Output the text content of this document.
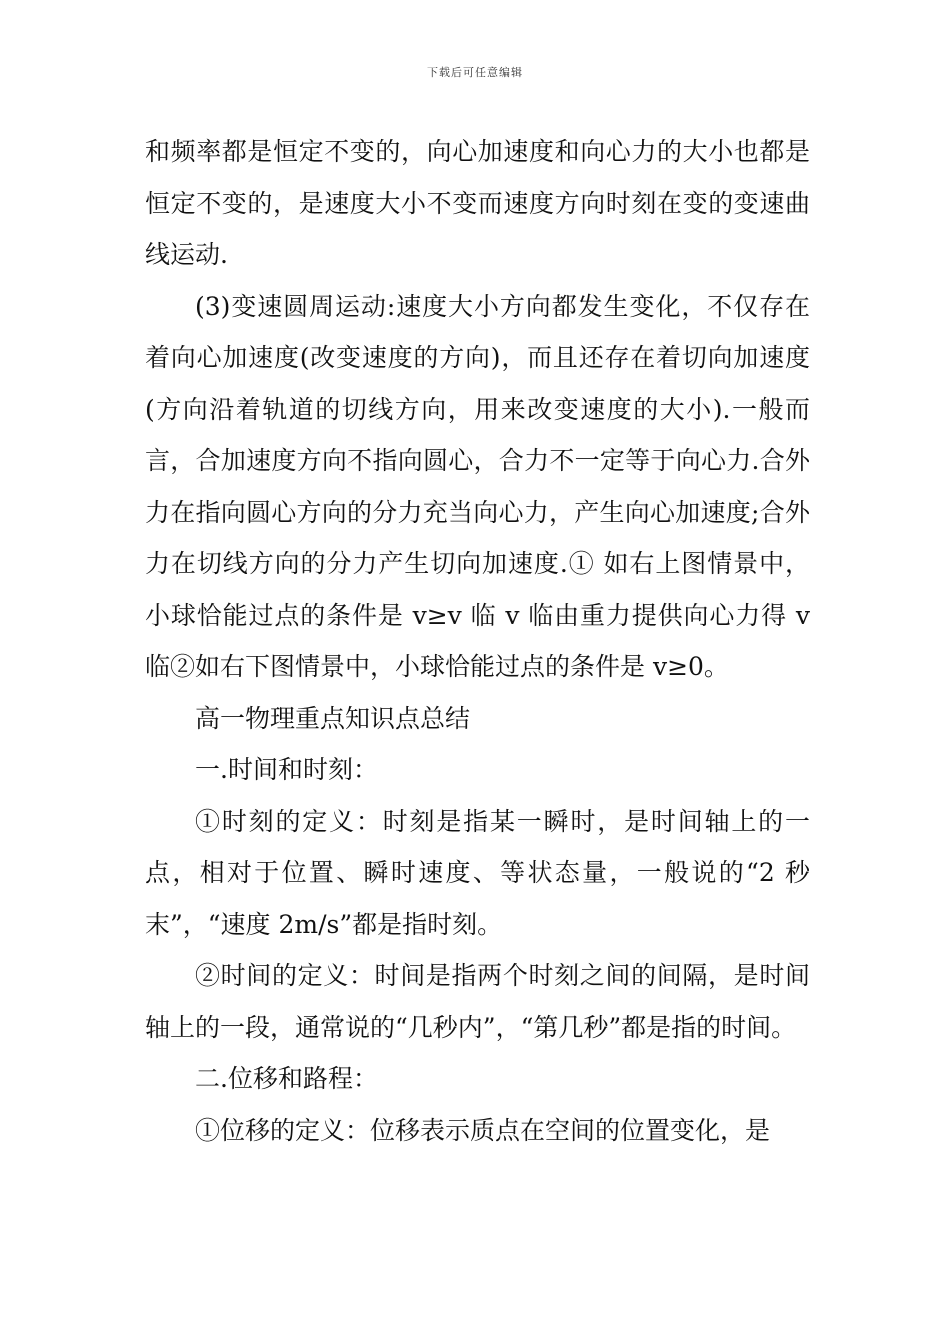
下载后可任意编辑

和频率都是恒定不变的，向心加速度和向心力的大小也都是恒定不变的，是速度大小不变而速度方向时刻在变的变速曲线运动.

(3)变速圆周运动:速度大小方向都发生变化，不仅存在着向心加速度(改变速度的方向)，而且还存在着切向加速度(方向沿着轨道的切线方向，用来改变速度的大小).一般而言，合加速度方向不指向圆心，合力不一定等于向心力.合外力在指向圆心方向的分力充当向心力，产生向心加速度;合外力在切线方向的分力产生切向加速度.① 如右上图情景中，小球恰能过点的条件是 v≥v 临 v 临由重力提供向心力得 v 临②如右下图情景中，小球恰能过点的条件是 v≥0。

高一物理重点知识点总结

一.时间和时刻：

①时刻的定义：时刻是指某一瞬时，是时间轴上的一点，相对于位置、瞬时速度、等状态量，一般说的“2 秒末”，“速度 2m/s”都是指时刻。

②时间的定义：时间是指两个时刻之间的间隔，是时间轴上的一段，通常说的“几秒内”，“第几秒”都是指的时间。

二.位移和路程：

①位移的定义：位移表示质点在空间的位置变化，是
